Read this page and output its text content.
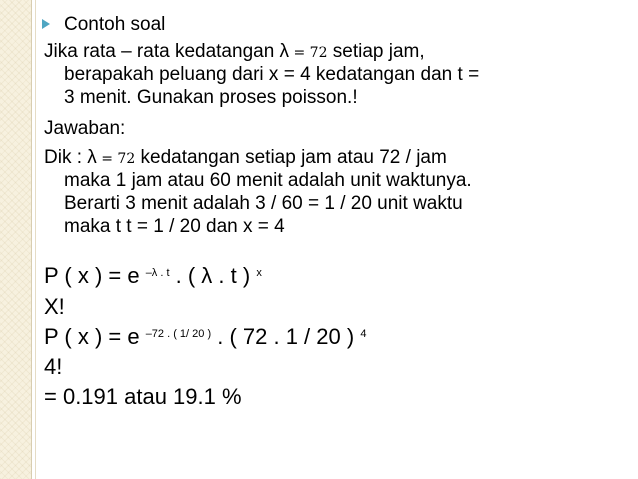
Contoh soal
Jika rata – rata kedatangan λ = 72 setiap jam,
berapakah peluang dari x = 4 kedatangan dan t =
3 menit. Gunakan proses poisson.!
Jawaban:
Dik : λ = 72 kedatangan setiap jam atau 72 / jam
maka 1 jam atau 60 menit adalah unit waktunya.
Berarti 3 menit adalah 3 / 60 = 1 / 20 unit waktu
maka t t = 1 / 20 dan x = 4
P ( x ) = e $^{-\lambda . t}$ . ( λ . t ) $^x$
X!
P ( x ) = e $^{-72 . ( 1/ 20 )}$ . ( 72 . 1 / 20 ) $^4$
4!
= 0.191 atau 19.1 %
